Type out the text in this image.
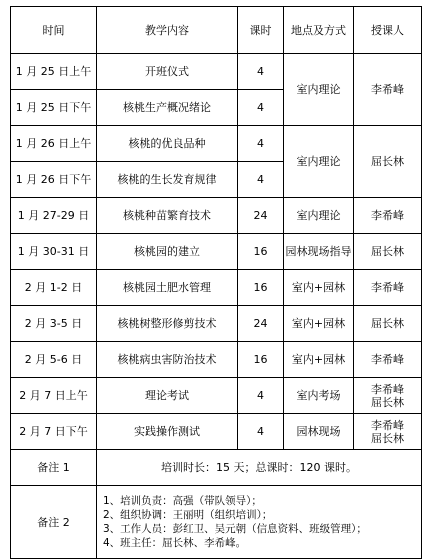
时间	教学内容	课时	地点及方式	授课人
1 月 25 日上午	开班仪式	4	室内理论	李希峰
1 月 25 日下午	核桃生产概况绪论	4		
1 月 26 日上午	核桃的优良品种	4	室内理论	屈长林
1 月 26 日下午	核桃的生长发育规律	4		
1 月 27-29 日	核桃种苗繁育技术	24	室内理论	李希峰
1 月 30-31 日	核桃园的建立	16	园林现场指导	屈长林
2 月 1-2 日	核桃园土肥水管理	16	室内+园林	李希峰
2 月 3-5 日	核桃树整形修剪技术	24	室内+园林	屈长林
2 月 5-6 日	核桃病虫害防治技术	16	室内+园林	李希峰
2 月 7 日上午	理论考试	4	室内考场	李希峰
屈长林

2 月 7 日下午	实践操作测试	4	园林现场	李希峰
屈长林

备注 1	培训时长：15 天；总课时：120 课时。			
备注 2	1、培训负责：高强（带队领导）；
2、组织协调：王丽明（组织培训）；
3、工作人员：彭红卫、吴元朝（信息资料、班级管理）；
4、班主任：屈长林、李希峰。			
